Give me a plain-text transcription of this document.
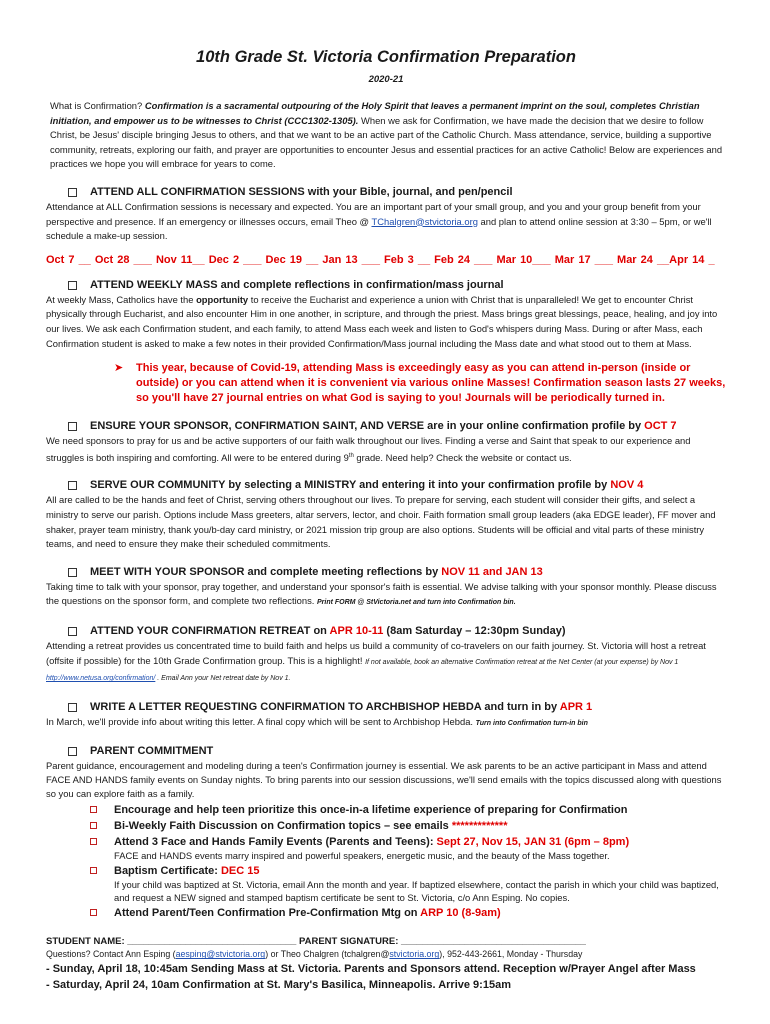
10th Grade St. Victoria Confirmation Preparation
2020-21

What is Confirmation? Confirmation is a sacramental outpouring of the Holy Spirit that leaves a permanent imprint on the soul, completes Christian initiation, and empower us to be witnesses to Christ (CCC1302-1305). When we ask for Confirmation, we have made the decision that we desire to follow Christ, be Jesus' disciple bringing Jesus to others, and that we want to be an active part of the Catholic Church. Mass attendance, service, building a supportive community, retreats, exploring our faith, and prayer are opportunities to encounter Jesus and essential practices for an active Catholic! Below are experiences and practices we hope you will embrace for years to come.

ATTEND ALL CONFIRMATION SESSIONS with your Bible, journal, and pen/pencil

Attendance at ALL Confirmation sessions is necessary and expected. You are an important part of your small group, and you and your group benefit from your perspective and presence. If an emergency or illnesses occurs, email Theo @ TChalgren@stvictoria.org and plan to attend online session at 3:30 – 5pm, or we'll schedule a make-up session.

Oct 7 __ Oct 28 ___ Nov 11__ Dec 2 ___ Dec 19 __ Jan 13 ___ Feb 3 __ Feb 24 ___ Mar 10___ Mar 17 ___ Mar 24 __Apr 14 _
ATTEND WEEKLY MASS and complete reflections in confirmation/mass journal

At weekly Mass, Catholics have the opportunity to receive the Eucharist and experience a union with Christ that is unparalleled! We get to encounter Christ physically through Eucharist, and also encounter Him in one another, in scripture, and through the priest. Mass brings great blessings, peace, healing, and joy into our lives. We ask each Confirmation student, and each family, to attend Mass each week and listen to God's whispers during Mass. During or after Mass, each Confirmation student is asked to make a few notes in their provided Confirmation/Mass journal including the Mass date and what stood out to them at Mass.

➤ This year, because of Covid-19, attending Mass is exceedingly easy as you can attend in-person (inside or outside) or you can attend when it is convenient via various online Masses! Confirmation season lasts 27 weeks, so you'll have 27 journal entries on what God is saying to you! Journals will be periodically turned in.
ENSURE YOUR SPONSOR, CONFIRMATION SAINT, AND VERSE are in your online confirmation profile by OCT 7

We need sponsors to pray for us and be active supporters of our faith walk throughout our lives. Finding a verse and Saint that speak to our experience and struggles is both inspiring and comforting. All were to be entered during 9th grade. Need help? Check the website or contact us.

SERVE OUR COMMUNITY by selecting a MINISTRY and entering it into your confirmation profile by NOV 4

All are called to be the hands and feet of Christ, serving others throughout our lives. To prepare for serving, each student will consider their gifts, and select a ministry to serve our parish. Options include Mass greeters, altar servers, lector, and choir. Faith formation small group leaders (aka EDGE leader), FF mover and shaker, prayer team ministry, thank you/b-day card ministry, or 2021 mission trip group are also options. Students will be official and vital parts of these ministry teams, and need to ensure they make their scheduled commitments.

MEET WITH YOUR SPONSOR and complete meeting reflections by NOV 11 and JAN 13

Taking time to talk with your sponsor, pray together, and understand your sponsor's faith is essential. We advise talking with your sponsor monthly. Please discuss the questions on the sponsor form, and complete two reflections. Print FORM @ StVictoria.net and turn into Confirmation bin.

ATTEND YOUR CONFIRMATION RETREAT on APR 10-11 (8am Saturday – 12:30pm Sunday)

Attending a retreat provides us concentrated time to build faith and helps us build a community of co-travelers on our faith journey. St. Victoria will host a retreat (offsite if possible) for the 10th Grade Confirmation group. This is a highlight! If not available, book an alternative Confirmation retreat at the Net Center (at your expense) by Nov 1 http://www.netusa.org/confirmation/ . Email Ann your Net retreat date by Nov 1.

WRITE A LETTER REQUESTING CONFIRMATION TO ARCHBISHOP HEBDA and turn in by APR 1

In March, we'll provide info about writing this letter. A final copy which will be sent to Archbishop Hebda. Turn into Confirmation turn-in bin

PARENT COMMITMENT

Parent guidance, encouragement and modeling during a teen's Confirmation journey is essential. We ask parents to be an active participant in Mass and attend FACE AND HANDS family events on Sunday nights. To bring parents into our session discussions, we'll send emails with the topics discussed along with questions so you can explore faith as a family.

Encourage and help teen prioritize this once-in-a lifetime experience of preparing for Confirmation
Bi-Weekly Faith Discussion on Confirmation topics – see emails *************
Attend 3 Face and Hands Family Events (Parents and Teens): Sept 27, Nov 15, JAN 31 (6pm – 8pm)
FACE and HANDS events marry inspired and powerful speakers, energetic music, and the beauty of the Mass together.
Baptism Certificate: DEC 15
If your child was baptized at St. Victoria, email Ann the month and year. If baptized elsewhere, contact the parish in which your child was baptized, and request a NEW signed and stamped baptism certificate be sent to St. Victoria, c/o Ann Esping. No copies.
Attend Parent/Teen Confirmation Pre-Confirmation Mtg on ARP 10 (8-9am)
STUDENT NAME: ________________________________ PARENT SIGNATURE: ___________________________________
Questions? Contact Ann Esping (aesping@stvictoria.org) or Theo Chalgren (tchalgren@stvictoria.org), 952-443-2661, Monday - Thursday
- Sunday, April 18, 10:45am Sending Mass at St. Victoria. Parents and Sponsors attend. Reception w/Prayer Angel after Mass
- Saturday, April 24, 10am Confirmation at St. Mary's Basilica, Minneapolis. Arrive 9:15am
